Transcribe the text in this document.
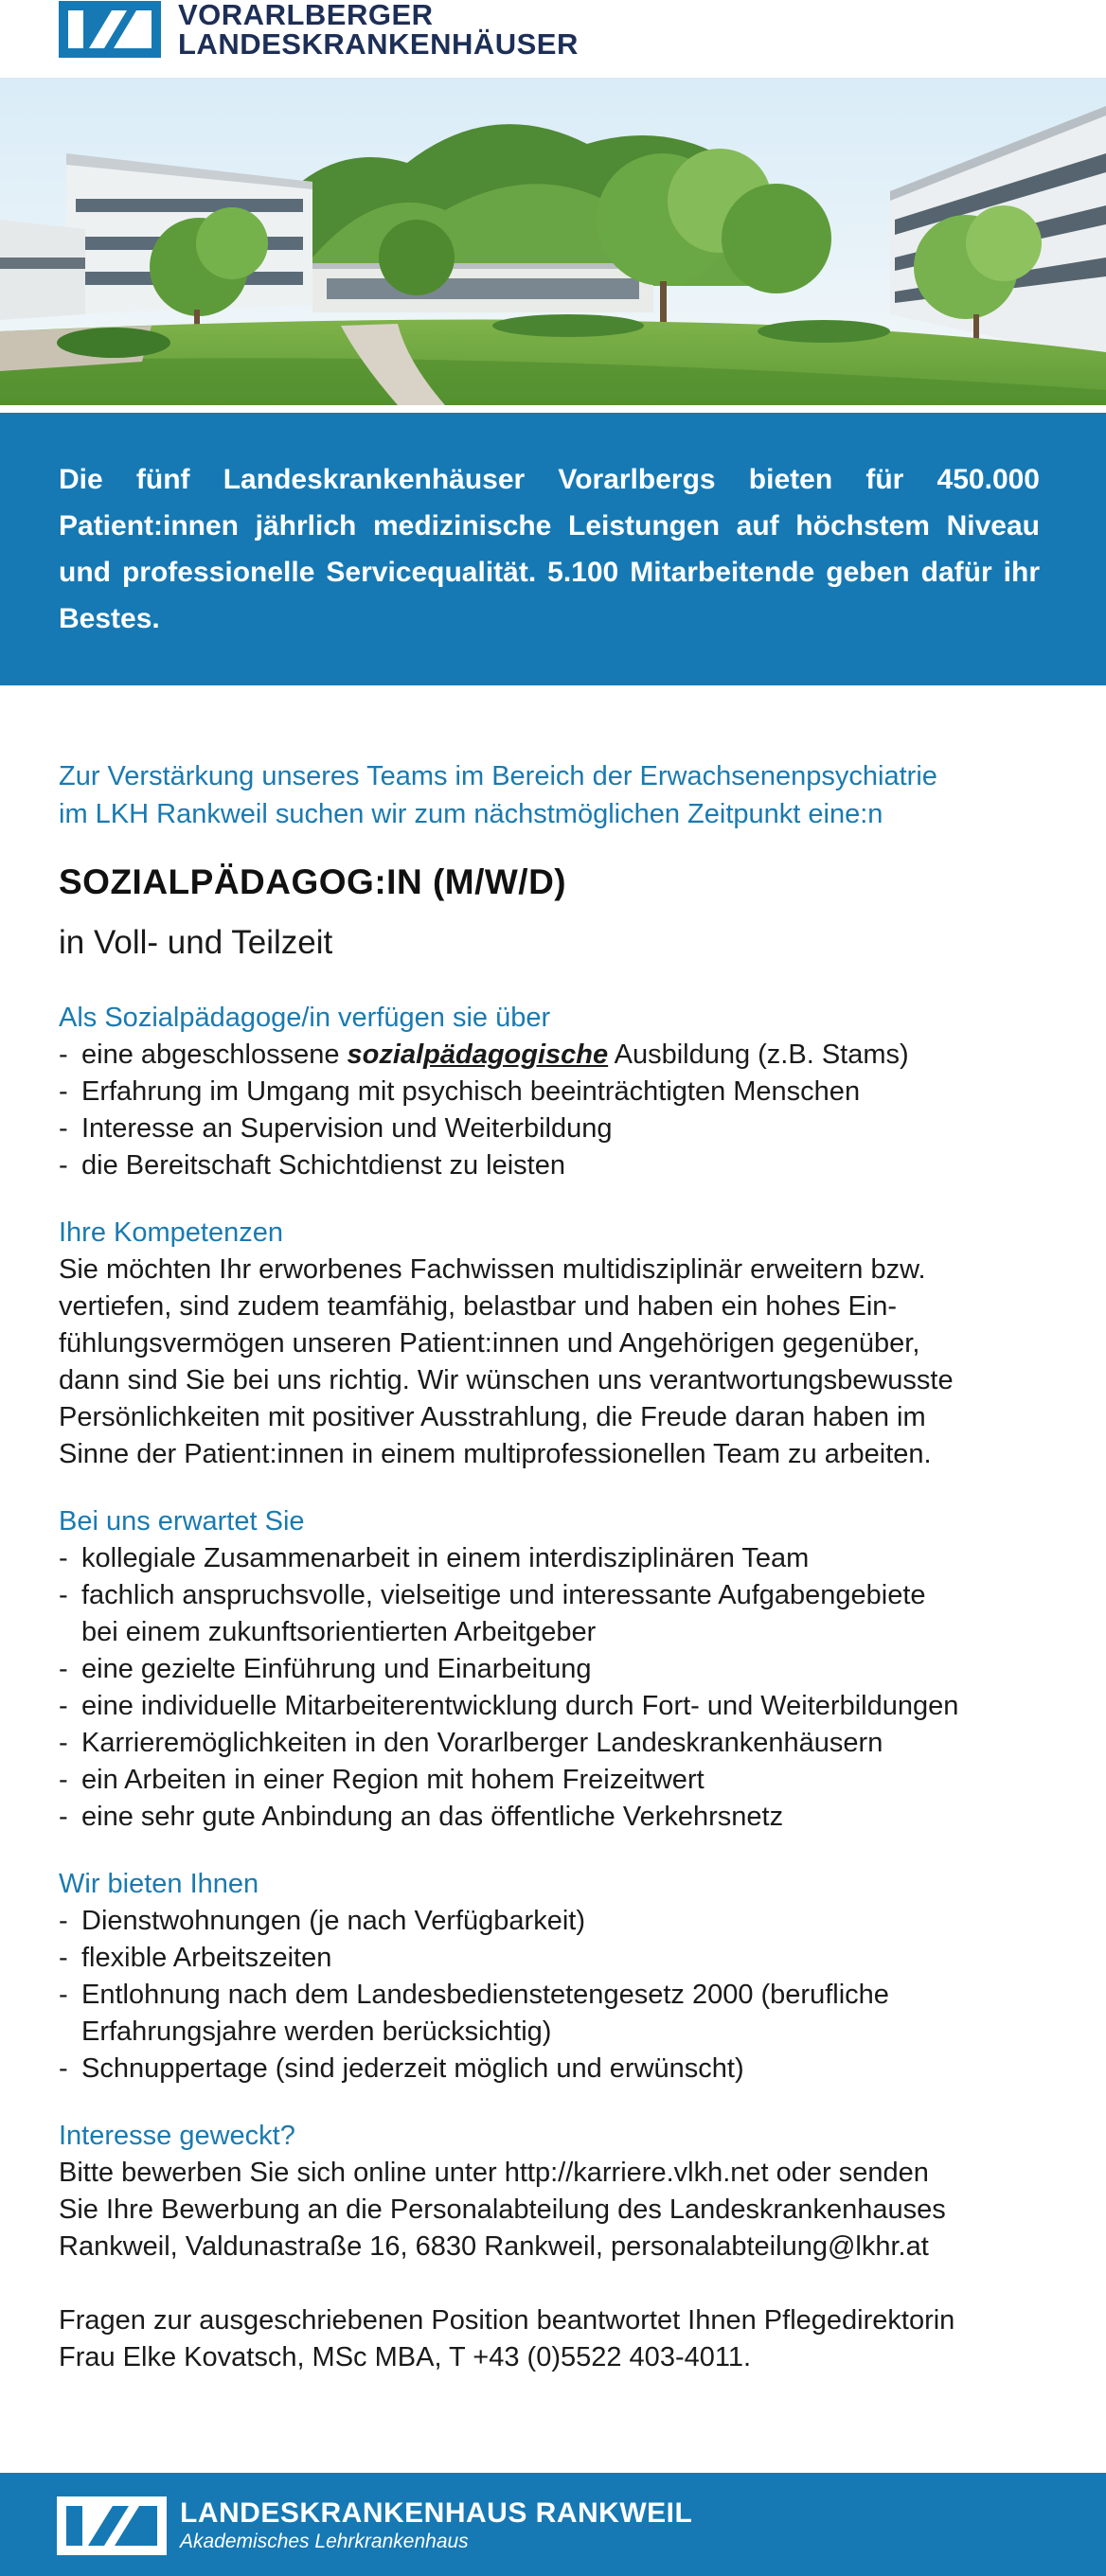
VORARLBERGER
LANDESKRANKENHÄUSER
Die fünf Landeskrankenhäuser Vorarlbergs bieten für 450.000 Patient:innen jährlich medizinische Leistungen auf höchstem Niveau und professionelle Servicequalität. 5.100 Mitarbeitende geben dafür ihr Bestes.
Zur Verstärkung unseres Teams im Bereich der Erwachsenenpsychiatrie
im LKH Rankweil suchen wir zum nächstmöglichen Zeitpunkt eine:n
SOZIALPÄDAGOG:IN (M/W/D)
in Voll- und Teilzeit
Als Sozialpädagoge/in verfügen sie über
- eine abgeschlossene sozialpädagogische Ausbildung (z.B. Stams)
- Erfahrung im Umgang mit psychisch beeinträchtigten Menschen
- Interesse an Supervision und Weiterbildung
- die Bereitschaft Schichtdienst zu leisten
Ihre Kompetenzen
Sie möchten Ihr erworbenes Fachwissen multidisziplinär erweitern bzw.
vertiefen, sind zudem teamfähig, belastbar und haben ein hohes Ein-
fühlungsvermögen unseren Patient:innen und Angehörigen gegenüber,
dann sind Sie bei uns richtig. Wir wünschen uns verantwortungsbewusste
Persönlichkeiten mit positiver Ausstrahlung, die Freude daran haben im
Sinne der Patient:innen in einem multiprofessionellen Team zu arbeiten.
Bei uns erwartet Sie
- kollegiale Zusammenarbeit in einem interdisziplinären Team
- fachlich anspruchsvolle, vielseitige und interessante Aufgabengebiete
bei einem zukunftsorientierten Arbeitgeber
- eine gezielte Einführung und Einarbeitung
- eine individuelle Mitarbeiterentwicklung durch Fort- und Weiterbildungen
- Karrieremöglichkeiten in den Vorarlberger Landeskrankenhäusern
- ein Arbeiten in einer Region mit hohem Freizeitwert
- eine sehr gute Anbindung an das öffentliche Verkehrsnetz
Wir bieten Ihnen
- Dienstwohnungen (je nach Verfügbarkeit)
- flexible Arbeitszeiten
- Entlohnung nach dem Landesbedienstetengesetz 2000 (berufliche
Erfahrungsjahre werden berücksichtig)
- Schnuppertage (sind jederzeit möglich und erwünscht)
Interesse geweckt?
Bitte bewerben Sie sich online unter http://karriere.vlkh.net oder senden
Sie Ihre Bewerbung an die Personalabteilung des Landeskrankenhauses
Rankweil, Valdunastraße 16, 6830 Rankweil, personalabteilung@lkhr.at
Fragen zur ausgeschriebenen Position beantwortet Ihnen Pflegedirektorin
Frau Elke Kovatsch, MSc MBA, T +43 (0)5522 403-4011.
LANDESKRANKENHAUS RANKWEIL
Akademisches Lehrkrankenhaus
